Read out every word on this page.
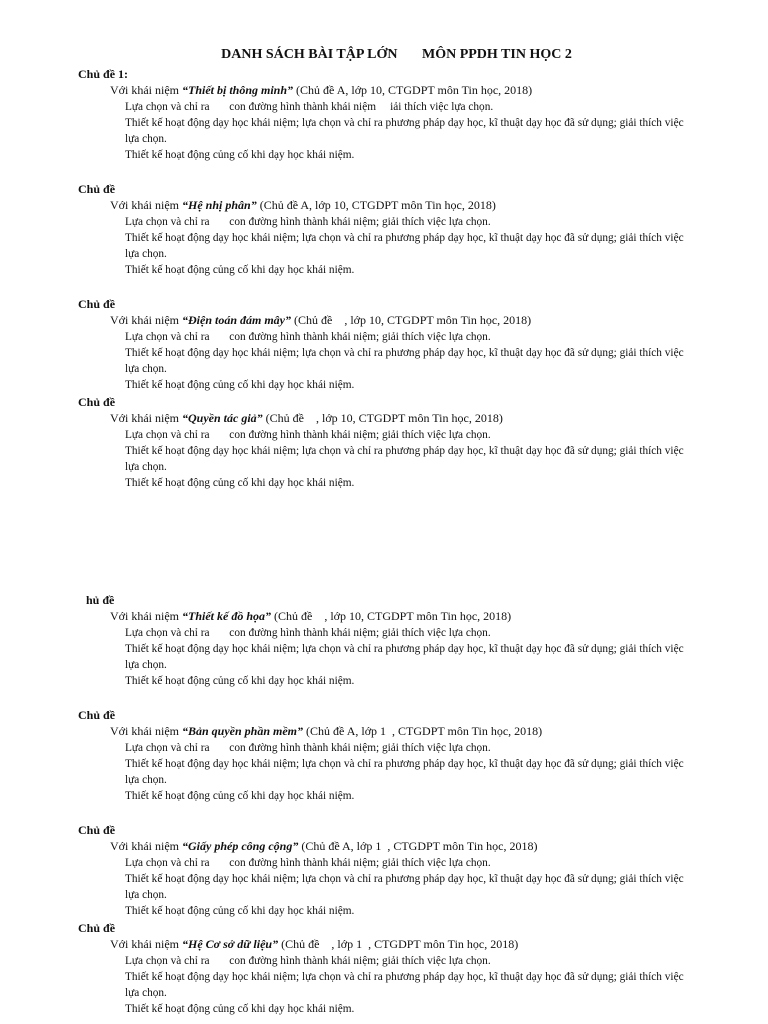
DANH SÁCH BÀI TẬP LỚN       MÔN PPDH TIN HỌC 2
Chủ đề 1:
Với khái niệm “Thiết bị thông minh” (Chủ đề A, lớp 10, CTGDPT môn Tin học, 2018)
Lựa chọn và chỉ ra       con đường hình thành khái niệm     iải thích việc lựa chọn.
Thiết kế hoạt động dạy học khái niệm; lựa chọn và chỉ ra phương pháp dạy học, kĩ thuật dạy học đã sử dụng; giải thích việc
lựa chọn.
Thiết kế hoạt động củng cố khi dạy học khái niệm.
Chủ đề
Với khái niệm “Hệ nhị phân” (Chủ đề A, lớp 10, CTGDPT môn Tin học, 2018)
Lựa chọn và chỉ ra       con đường hình thành khái niệm; giải thích việc lựa chọn.
Thiết kế hoạt động dạy học khái niệm; lựa chọn và chỉ ra phương pháp dạy học, kĩ thuật dạy học đã sử dụng; giải thích việc
lựa chọn.
Thiết kế hoạt động củng cố khi dạy học khái niệm.
Chủ đề
Với khái niệm “Điện toán đám mây” (Chủ đề    , lớp 10, CTGDPT môn Tin học, 2018)
Lựa chọn và chỉ ra       con đường hình thành khái niệm; giải thích việc lựa chọn.
Thiết kế hoạt động dạy học khái niệm; lựa chọn và chỉ ra phương pháp dạy học, kĩ thuật dạy học đã sử dụng; giải thích việc
lựa chọn.
Thiết kế hoạt động củng cố khi dạy học khái niệm.
Chủ đề
Với khái niệm “Quyền tác giả” (Chủ đề    , lớp 10, CTGDPT môn Tin học, 2018)
Lựa chọn và chỉ ra       con đường hình thành khái niệm; giải thích việc lựa chọn.
Thiết kế hoạt động dạy học khái niệm; lựa chọn và chỉ ra phương pháp dạy học, kĩ thuật dạy học đã sử dụng; giải thích việc
lựa chọn.
Thiết kế hoạt động củng cố khi dạy học khái niệm.
hủ đề
Với khái niệm “Thiết kế đồ họa” (Chủ đề    , lớp 10, CTGDPT môn Tin học, 2018)
Lựa chọn và chỉ ra       con đường hình thành khái niệm; giải thích việc lựa chọn.
Thiết kế hoạt động dạy học khái niệm; lựa chọn và chỉ ra phương pháp dạy học, kĩ thuật dạy học đã sử dụng; giải thích việc
lựa chọn.
Thiết kế hoạt động củng cố khi dạy học khái niệm.
Chủ đề
Với khái niệm “Bản quyền phần mềm” (Chủ đề A, lớp 1  , CTGDPT môn Tin học, 2018)
Lựa chọn và chỉ ra       con đường hình thành khái niệm; giải thích việc lựa chọn.
Thiết kế hoạt động dạy học khái niệm; lựa chọn và chỉ ra phương pháp dạy học, kĩ thuật dạy học đã sử dụng; giải thích việc
lựa chọn.
Thiết kế hoạt động củng cố khi dạy học khái niệm.
Chủ đề
Với khái niệm “Giấy phép công cộng” (Chủ đề A, lớp 1  , CTGDPT môn Tin học, 2018)
Lựa chọn và chỉ ra       con đường hình thành khái niệm; giải thích việc lựa chọn.
Thiết kế hoạt động dạy học khái niệm; lựa chọn và chỉ ra phương pháp dạy học, kĩ thuật dạy học đã sử dụng; giải thích việc
lựa chọn.
Thiết kế hoạt động củng cố khi dạy học khái niệm.
Chủ đề
Với khái niệm “Hệ Cơ sở dữ liệu” (Chủ đề    , lớp 1  , CTGDPT môn Tin học, 2018)
Lựa chọn và chỉ ra       con đường hình thành khái niệm; giải thích việc lựa chọn.
Thiết kế hoạt động dạy học khái niệm; lựa chọn và chỉ ra phương pháp dạy học, kĩ thuật dạy học đã sử dụng; giải thích việc
lựa chọn.
Thiết kế hoạt động củng cố khi dạy học khái niệm.
